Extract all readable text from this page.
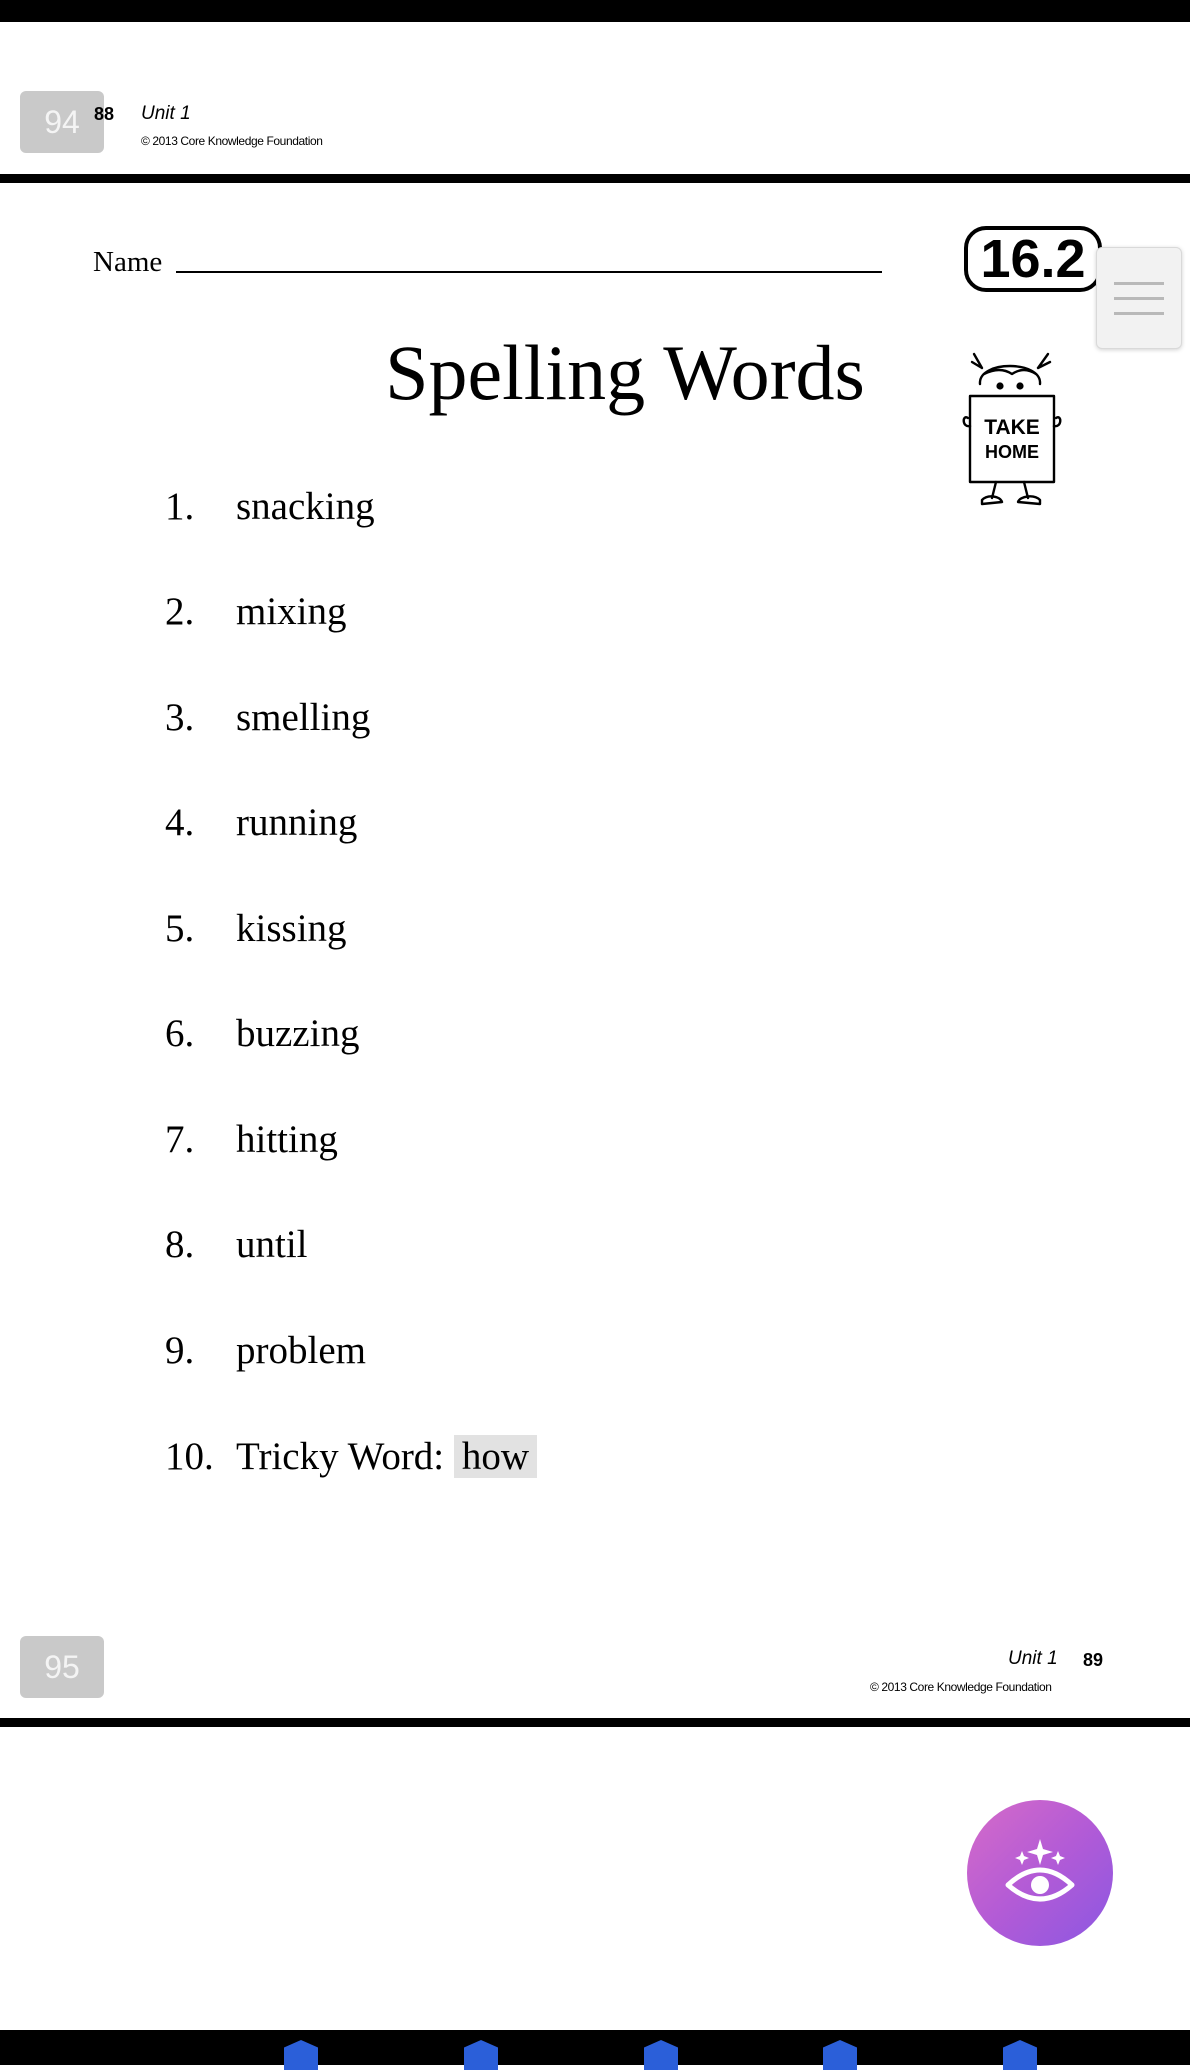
94 88 Unit 1
© 2013 Core Knowledge Foundation
Name	16.2
Spelling Words
TAKE
HOME
1. snacking
2. mixing
3. smelling
4. running
5. kissing
6. buzzing
7. hitting
8. until
9. problem
10. Tricky Word: how
95	Unit 1 89
© 2013 Core Knowledge Foundation
